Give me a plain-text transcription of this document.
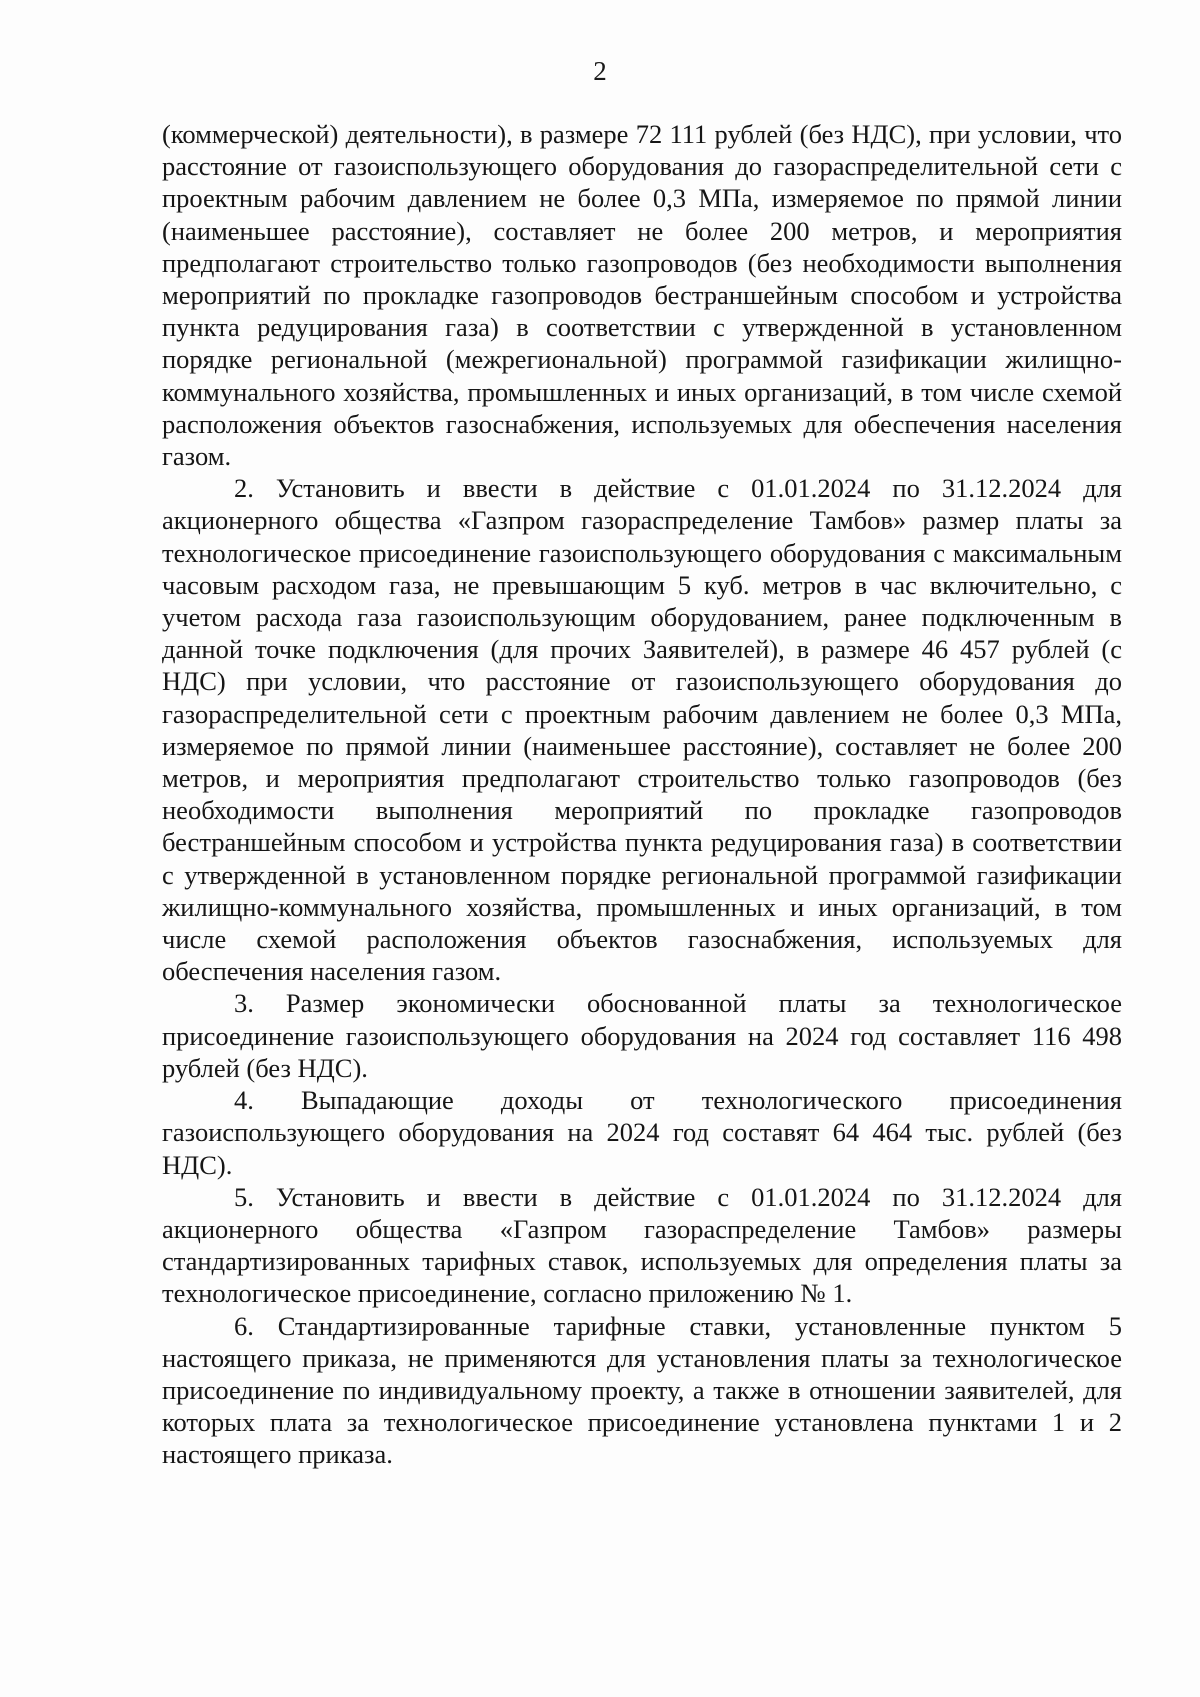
2

(коммерческой) деятельности), в размере 72 111 рублей (без НДС), при условии, что расстояние от газоиспользующего оборудования до газораспределительной сети с проектным рабочим давлением не более 0,3 МПа, измеряемое по прямой линии (наименьшее расстояние), составляет не более 200 метров, и мероприятия предполагают строительство только газопроводов (без необходимости выполнения мероприятий по прокладке газопроводов бестраншейным способом и устройства пункта редуцирования газа) в соответствии с утвержденной в установленном порядке региональной (межрегиональной) программой газификации жилищно-коммунального хозяйства, промышленных и иных организаций, в том числе схемой расположения объектов газоснабжения, используемых для обеспечения населения газом.

2. Установить и ввести в действие с 01.01.2024 по 31.12.2024 для акционерного общества «Газпром газораспределение Тамбов» размер платы за технологическое присоединение газоиспользующего оборудования с максимальным часовым расходом газа, не превышающим 5 куб. метров в час включительно, с учетом расхода газа газоиспользующим оборудованием, ранее подключенным в данной точке подключения (для прочих Заявителей), в размере 46 457 рублей (с НДС) при условии, что расстояние от газоиспользующего оборудования до газораспределительной сети с проектным рабочим давлением не более 0,3 МПа, измеряемое по прямой линии (наименьшее расстояние), составляет не более 200 метров, и мероприятия предполагают строительство только газопроводов (без необходимости выполнения мероприятий по прокладке газопроводов бестраншейным способом и устройства пункта редуцирования газа) в соответствии с утвержденной в установленном порядке региональной программой газификации жилищно-коммунального хозяйства, промышленных и иных организаций, в том числе схемой расположения объектов газоснабжения, используемых для обеспечения населения газом.

3. Размер экономически обоснованной платы за технологическое присоединение газоиспользующего оборудования на 2024 год составляет 116 498 рублей (без НДС).

4. Выпадающие доходы от технологического присоединения газоиспользующего оборудования на 2024 год составят 64 464 тыс. рублей (без НДС).

5. Установить и ввести в действие с 01.01.2024 по 31.12.2024 для акционерного общества «Газпром газораспределение Тамбов» размеры стандартизированных тарифных ставок, используемых для определения платы за технологическое присоединение, согласно приложению № 1.

6. Стандартизированные тарифные ставки, установленные пунктом 5 настоящего приказа, не применяются для установления платы за технологическое присоединение по индивидуальному проекту, а также в отношении заявителей, для которых плата за технологическое присоединение установлена пунктами 1 и 2 настоящего приказа.
